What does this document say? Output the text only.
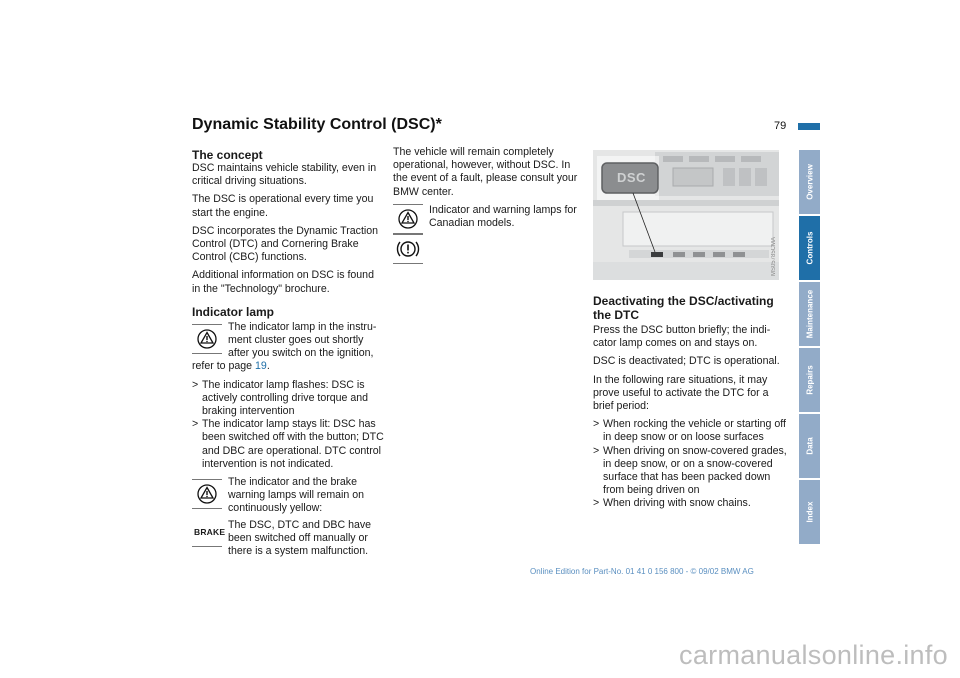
Dynamic Stability Control (DSC)*	79
The concept

DSC maintains vehicle stability, even in critical driving situations.

The DSC is operational every time you start the engine.

DSC incorporates the Dynamic Traction Control (DTC) and Cornering Brake Control (CBC) functions.

Additional information on DSC is found in the "Technology" brochure.

Indicator lamp
The indicator lamp in the instru-ment cluster goes out shortly after you switch on the ignition,

refer to page 19.

> The indicator lamp flashes: DSC is actively controlling drive torque and braking intervention
> The indicator lamp stays lit: DSC has been switched off with the button; DTC and DBC are operational. DTC control intervention is not indicated.
The indicator and the brake warning lamps will remain on continuously yellow:
BRAKE
The DSC, DTC and DBC have been switched off manually or there is a system malfunction.

The vehicle will remain completely operational, however, without DSC. In the event of a fault, please consult your BMW center.

Indicator and warning lamps for Canadian models.
DSC
MS05785CMA
Deactivating the DSC/activating the DTC

Press the DSC button briefly; the indi-cator lamp comes on and stays on.

DSC is deactivated; DTC is operational.

In the following rare situations, it may prove useful to activate the DTC for a brief period:

> When rocking the vehicle or starting off in deep snow or on loose surfaces
> When driving on snow-covered grades, in deep snow, or on a snow-covered surface that has been packed down from being driven on
> When driving with snow chains.
Overview
Controls
Maintenance
Repairs
Data
Index
Online Edition for Part-No. 01 41 0 156 800 - © 09/02 BMW AG
carmanualsonline.info
